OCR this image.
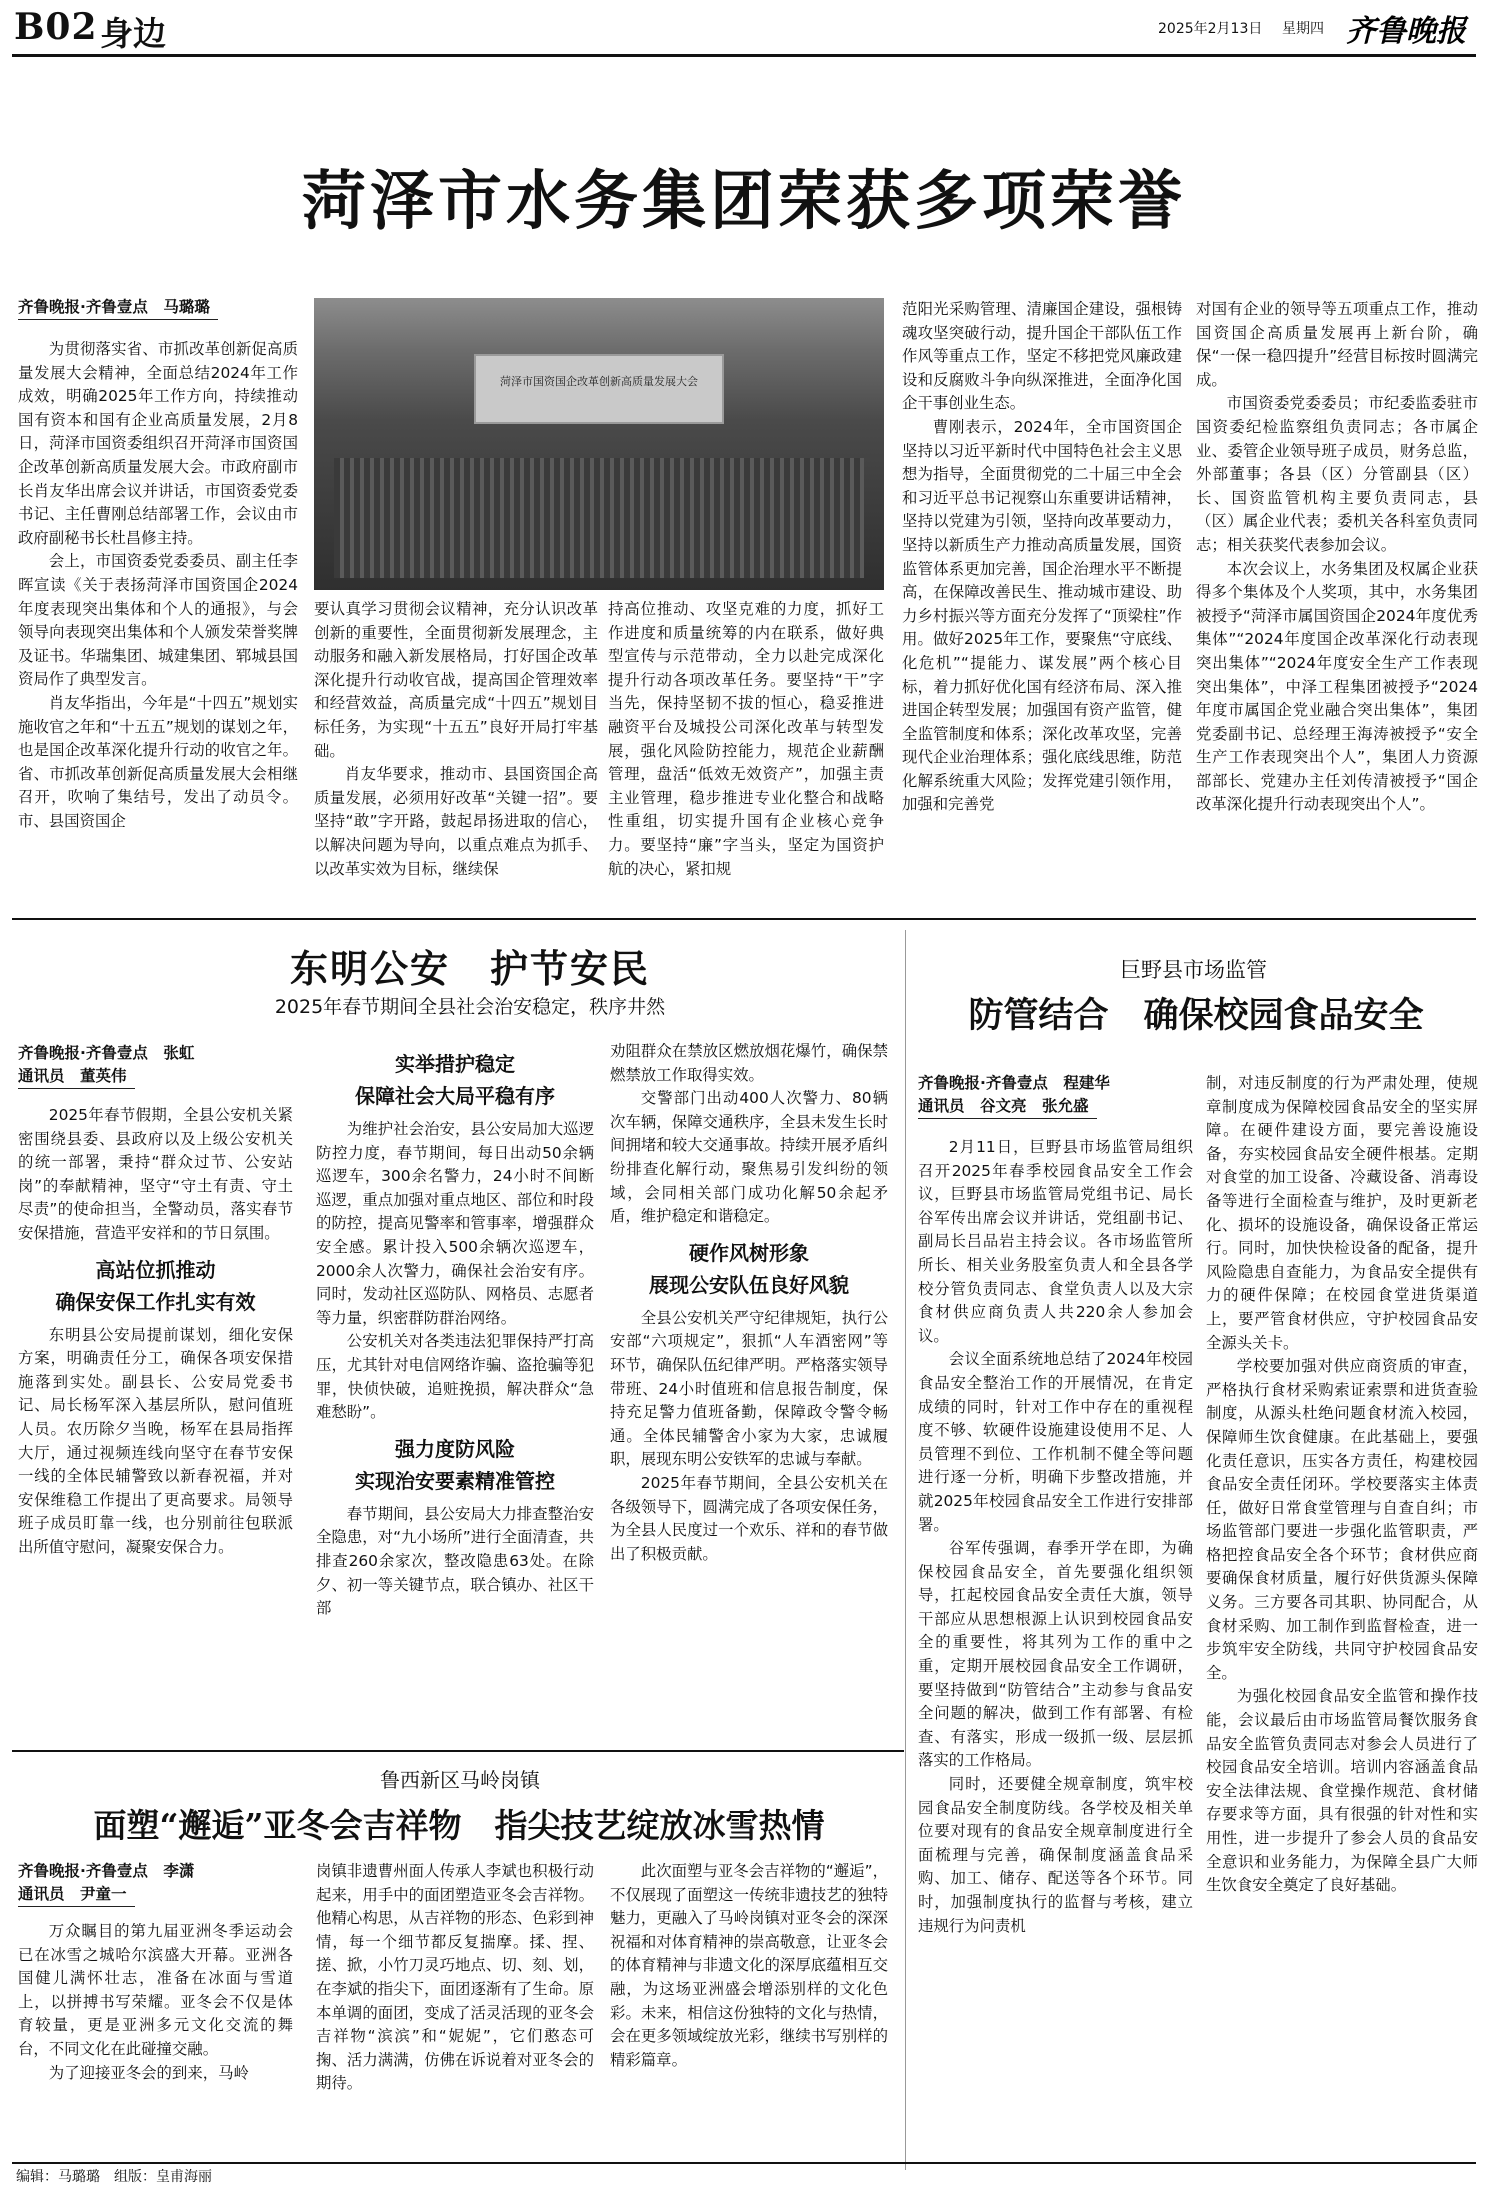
B02 身边	2025年2月13日 星期四 齐鲁晚报
菏泽市水务集团荣获多项荣誉
齐鲁晚报·齐鲁壹点　马璐璐

为贯彻落实省、市抓改革创新促高质量发展大会精神，全面总结2024年工作成效，明确2025年工作方向，持续推动国有资本和国有企业高质量发展，2月8日，菏泽市国资委组织召开菏泽市国资国企改革创新高质量发展大会。市政府副市长肖友华出席会议并讲话，市国资委党委书记、主任曹刚总结部署工作，会议由市政府副秘书长杜昌修主持。

会上，市国资委党委委员、副主任李晖宣读《关于表扬菏泽市国资国企2024年度表现突出集体和个人的通报》，与会领导向表现突出集体和个人颁发荣誉奖牌及证书。华瑞集团、城建集团、郓城县国资局作了典型发言。

肖友华指出，今年是“十四五”规划实施收官之年和“十五五”规划的谋划之年，也是国企改革深化提升行动的收官之年。省、市抓改革创新促高质量发展大会相继召开，吹响了集结号，发出了动员令。市、县国资国企

菏泽市国资国企改革创新高质量发展大会

要认真学习贯彻会议精神，充分认识改革创新的重要性，全面贯彻新发展理念，主动服务和融入新发展格局，打好国企改革深化提升行动收官战，提高国企管理效率和经营效益，高质量完成“十四五”规划目标任务，为实现“十五五”良好开局打牢基础。

肖友华要求，推动市、县国资国企高质量发展，必须用好改革“关键一招”。要坚持“敢”字开路，鼓起昂扬进取的信心，以解决问题为导向，以重点难点为抓手、以改革实效为目标，继续保

持高位推动、攻坚克难的力度，抓好工作进度和质量统筹的内在联系，做好典型宣传与示范带动，全力以赴完成深化提升行动各项改革任务。要坚持“干”字当先，保持坚韧不拔的恒心，稳妥推进融资平台及城投公司深化改革与转型发展，强化风险防控能力，规范企业薪酬管理，盘活“低效无效资产”，加强主责主业管理，稳步推进专业化整合和战略性重组，切实提升国有企业核心竞争力。要坚持“廉”字当头，坚定为国资护航的决心，紧扣规

范阳光采购管理、清廉国企建设，强根铸魂攻坚突破行动，提升国企干部队伍工作作风等重点工作，坚定不移把党风廉政建设和反腐败斗争向纵深推进，全面净化国企干事创业生态。

曹刚表示，2024年，全市国资国企坚持以习近平新时代中国特色社会主义思想为指导，全面贯彻党的二十届三中全会和习近平总书记视察山东重要讲话精神，坚持以党建为引领，坚持向改革要动力，坚持以新质生产力推动高质量发展，国资监管体系更加完善，国企治理水平不断提高，在保障改善民生、推动城市建设、助力乡村振兴等方面充分发挥了“顶梁柱”作用。做好2025年工作，要聚焦“守底线、化危机”“提能力、谋发展”两个核心目标，着力抓好优化国有经济布局、深入推进国企转型发展；加强国有资产监管，健全监管制度和体系；深化改革攻坚，完善现代企业治理体系；强化底线思维，防范化解系统重大风险；发挥党建引领作用，加强和完善党

对国有企业的领导等五项重点工作，推动国资国企高质量发展再上新台阶，确保“一保一稳四提升”经营目标按时圆满完成。

市国资委党委委员；市纪委监委驻市国资委纪检监察组负责同志；各市属企业、委管企业领导班子成员，财务总监，外部董事；各县（区）分管副县（区）长、国资监管机构主要负责同志，县（区）属企业代表；委机关各科室负责同志；相关获奖代表参加会议。

本次会议上，水务集团及权属企业获得多个集体及个人奖项，其中，水务集团被授予“菏泽市属国资国企2024年度优秀集体”“2024年度国企改革深化行动表现突出集体”“2024年度安全生产工作表现突出集体”，中泽工程集团被授予“2024年度市属国企党业融合突出集体”，集团党委副书记、总经理王海涛被授予“安全生产工作表现突出个人”，集团人力资源部部长、党建办主任刘传清被授予“国企改革深化提升行动表现突出个人”。

东明公安　护节安民
2025年春节期间全县社会治安稳定，秩序井然
齐鲁晚报·齐鲁壹点　张虹
通讯员　董英伟

2025年春节假期，全县公安机关紧密围绕县委、县政府以及上级公安机关的统一部署，秉持“群众过节、公安站岗”的奉献精神，坚守“守土有责、守土尽责”的使命担当，全警动员，落实春节安保措施，营造平安祥和的节日氛围。

高站位抓推动
确保安保工作扎实有效

东明县公安局提前谋划，细化安保方案，明确责任分工，确保各项安保措施落到实处。副县长、公安局党委书记、局长杨军深入基层所队，慰问值班人员。农历除夕当晚，杨军在县局指挥大厅，通过视频连线向坚守在春节安保一线的全体民辅警致以新春祝福，并对安保维稳工作提出了更高要求。局领导班子成员盯靠一线，也分别前往包联派出所值守慰问，凝聚安保合力。

实举措护稳定
保障社会大局平稳有序

为维护社会治安，县公安局加大巡逻防控力度，春节期间，每日出动50余辆巡逻车，300余名警力，24小时不间断巡逻，重点加强对重点地区、部位和时段的防控，提高见警率和管事率，增强群众安全感。累计投入500余辆次巡逻车，2000余人次警力，确保社会治安有序。同时，发动社区巡防队、网格员、志愿者等力量，织密群防群治网络。

公安机关对各类违法犯罪保持严打高压，尤其针对电信网络诈骗、盗抢骗等犯罪，快侦快破，追赃挽损，解决群众“急难愁盼”。

强力度防风险
实现治安要素精准管控

春节期间，县公安局大力排查整治安全隐患，对“九小场所”进行全面清查，共排查260余家次，整改隐患63处。在除夕、初一等关键节点，联合镇办、社区干部

劝阻群众在禁放区燃放烟花爆竹，确保禁燃禁放工作取得实效。

交警部门出动400人次警力、80辆次车辆，保障交通秩序，全县未发生长时间拥堵和较大交通事故。持续开展矛盾纠纷排查化解行动，聚焦易引发纠纷的领域，会同相关部门成功化解50余起矛盾，维护稳定和谐稳定。

硬作风树形象
展现公安队伍良好风貌

全县公安机关严守纪律规矩，执行公安部“六项规定”，狠抓“人车酒密网”等环节，确保队伍纪律严明。严格落实领导带班、24小时值班和信息报告制度，保持充足警力值班备勤，保障政令警令畅通。全体民辅警舍小家为大家，忠诚履职，展现东明公安铁军的忠诚与奉献。

2025年春节期间，全县公安机关在各级领导下，圆满完成了各项安保任务，为全县人民度过一个欢乐、祥和的春节做出了积极贡献。

巨野县市场监管
防管结合　确保校园食品安全
齐鲁晚报·齐鲁壹点　程建华
通讯员　谷文亮　张允盛

2月11日，巨野县市场监管局组织召开2025年春季校园食品安全工作会议，巨野县市场监管局党组书记、局长谷军传出席会议并讲话，党组副书记、副局长吕品岩主持会议。各市场监管所所长、相关业务股室负责人和全县各学校分管负责同志、食堂负责人以及大宗食材供应商负责人共220余人参加会议。

会议全面系统地总结了2024年校园食品安全整治工作的开展情况，在肯定成绩的同时，针对工作中存在的重视程度不够、软硬件设施建设使用不足、人员管理不到位、工作机制不健全等问题进行逐一分析，明确下步整改措施，并就2025年校园食品安全工作进行安排部署。

谷军传强调，春季开学在即，为确保校园食品安全，首先要强化组织领导，扛起校园食品安全责任大旗，领导干部应从思想根源上认识到校园食品安全的重要性，将其列为工作的重中之重，定期开展校园食品安全工作调研，要坚持做到“防管结合”主动参与食品安全问题的解决，做到工作有部署、有检查、有落实，形成一级抓一级、层层抓落实的工作格局。

同时，还要健全规章制度，筑牢校园食品安全制度防线。各学校及相关单位要对现有的食品安全规章制度进行全面梳理与完善，确保制度涵盖食品采购、加工、储存、配送等各个环节。同时，加强制度执行的监督与考核，建立违规行为问责机

制，对违反制度的行为严肃处理，使规章制度成为保障校园食品安全的坚实屏障。在硬件建设方面，要完善设施设备，夯实校园食品安全硬件根基。定期对食堂的加工设备、冷藏设备、消毒设备等进行全面检查与维护，及时更新老化、损坏的设施设备，确保设备正常运行。同时，加快快检设备的配备，提升风险隐患自查能力，为食品安全提供有力的硬件保障；在校园食堂进货渠道上，要严管食材供应，守护校园食品安全源头关卡。

学校要加强对供应商资质的审查，严格执行食材采购索证索票和进货查验制度，从源头杜绝问题食材流入校园，保障师生饮食健康。在此基础上，要强化责任意识，压实各方责任，构建校园食品安全责任闭环。学校要落实主体责任，做好日常食堂管理与自查自纠；市场监管部门要进一步强化监管职责，严格把控食品安全各个环节；食材供应商要确保食材质量，履行好供货源头保障义务。三方要各司其职、协同配合，从食材采购、加工制作到监督检查，进一步筑牢安全防线，共同守护校园食品安全。

为强化校园食品安全监管和操作技能，会议最后由市场监管局餐饮服务食品安全监管负责同志对参会人员进行了校园食品安全培训。培训内容涵盖食品安全法律法规、食堂操作规范、食材储存要求等方面，具有很强的针对性和实用性，进一步提升了参会人员的食品安全意识和业务能力，为保障全县广大师生饮食安全奠定了良好基础。

鲁西新区马岭岗镇
面塑“邂逅”亚冬会吉祥物　指尖技艺绽放冰雪热情
齐鲁晚报·齐鲁壹点　李潇
通讯员　尹童一

万众瞩目的第九届亚洲冬季运动会已在冰雪之城哈尔滨盛大开幕。亚洲各国健儿满怀壮志，准备在冰面与雪道上，以拼搏书写荣耀。亚冬会不仅是体育较量，更是亚洲多元文化交流的舞台，不同文化在此碰撞交融。

为了迎接亚冬会的到来，马岭

岗镇非遗曹州面人传承人李斌也积极行动起来，用手中的面团塑造亚冬会吉祥物。他精心构思，从吉祥物的形态、色彩到神情，每一个细节都反复揣摩。揉、捏、搓、掀，小竹刀灵巧地点、切、刻、划，在李斌的指尖下，面团逐渐有了生命。原本单调的面团，变成了活灵活现的亚冬会吉祥物“滨滨”和“妮妮”，它们憨态可掬、活力满满，仿佛在诉说着对亚冬会的期待。

此次面塑与亚冬会吉祥物的“邂逅”，不仅展现了面塑这一传统非遗技艺的独特魅力，更融入了马岭岗镇对亚冬会的深深祝福和对体育精神的崇高敬意，让亚冬会的体育精神与非遗文化的深厚底蕴相互交融，为这场亚洲盛会增添别样的文化色彩。未来，相信这份独特的文化与热情，会在更多领域绽放光彩，继续书写别样的精彩篇章。

编辑：马璐璐　组版：皇甫海丽
